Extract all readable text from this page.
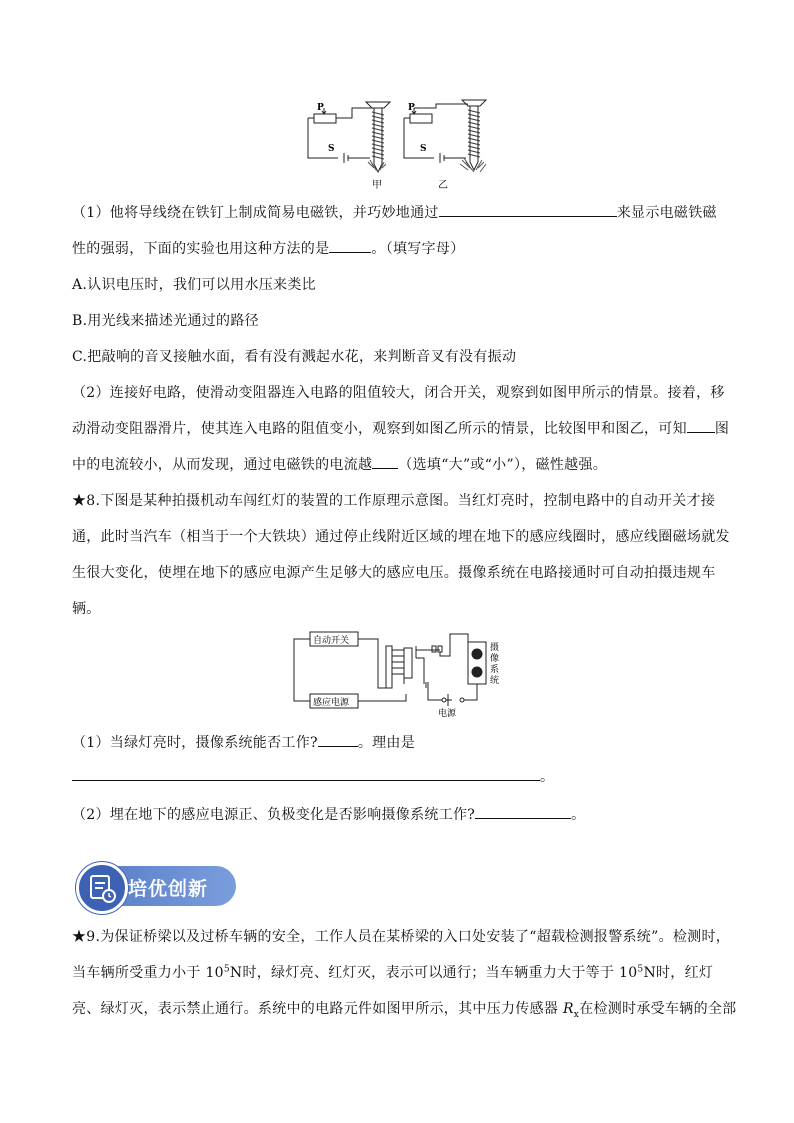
P
S
甲
P
S
乙
（1）他将导线绕在铁钉上制成简易电磁铁，并巧妙地通过	来显示电磁铁磁
性的强弱，下面的实验也用这种方法的是	。（填写字母）
A.认识电压时，我们可以用水压来类比
B.用光线来描述光通过的路径
C.把敲响的音叉接触水面，看有没有溅起水花，来判断音叉有没有振动
（2）连接好电路，使滑动变阻器连入电路的阻值较大，闭合开关，观察到如图甲所示的情景。接着，移
动滑动变阻器滑片，使其连入电路的阻值变小，观察到如图乙所示的情景，比较图甲和图乙，可知 图
中的电流较小，从而发现，通过电磁铁的电流越 （选填“大”或“小”），磁性越强。
★8.下图是某种拍摄机动车闯红灯的装置的工作原理示意图。当红灯亮时，控制电路中的自动开关才接
通，此时当汽车（相当于一个大铁块）通过停止线附近区域的埋在地下的感应线圈时，感应线圈磁场就发
生很大变化，使埋在地下的感应电源产生足够大的感应电压。摄像系统在电路接通时可自动拍摄违规车
辆。
自动开关
感应电源
电源
摄
像
系
统
（1）当绿灯亮时，摄像系统能否工作?	。理由是
。
（2）埋在地下的感应电源正、负极变化是否影响摄像系统工作?	。
培优创新
★9.为保证桥梁以及过桥车辆的安全，工作人员在某桥梁的入口处安装了“超载检测报警系统”。检测时，
当车辆所受重力小于 $10^5N$时，绿灯亮、红灯灭，表示可以通行；当车辆重力大于等于 $10^5N$时，红灯
亮、绿灯灭，表示禁止通行。系统中的电路元件如图甲所示，其中压力传感器 $R_x$在检测时承受车辆的全部
